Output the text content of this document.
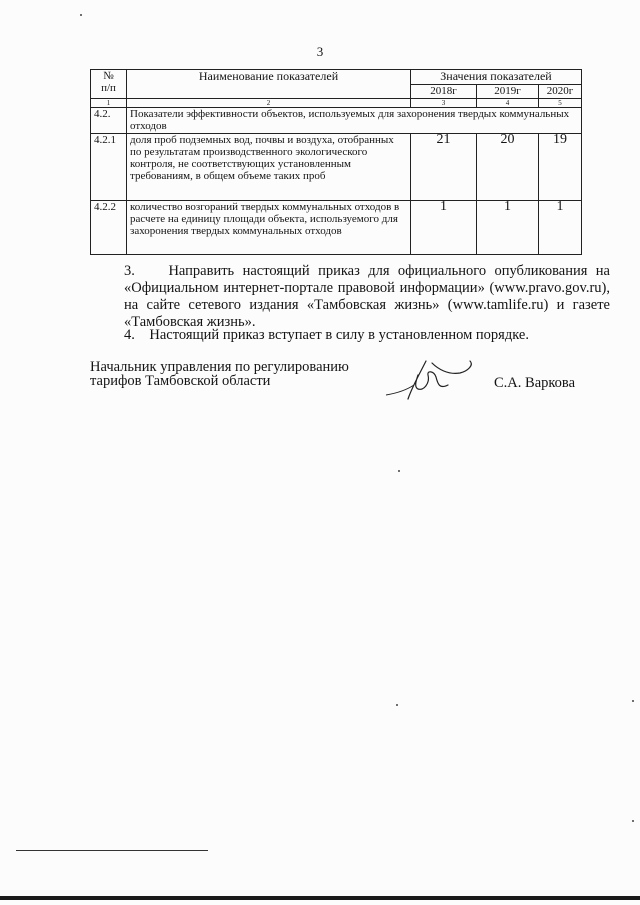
3
№
п/п	Наименование показателей	Значения показателей		
		2018г	2019г	2020г
1	2	3	4	5
4.2.	Показатели эффективности объектов, используемых для захоронения твердых коммунальных отходов			
4.2.1	доля проб подземных вод, почвы и воздуха, отобранных по результатам производственного экологического контроля, не соответствующих установленным требованиям, в общем объеме таких проб	21	20	19
4.2.2	количество возгораний твердых коммунальных отходов в расчете на единицу площади объекта, используемого для захоронения твердых коммунальных отходов	1	1	1
3.    Направить настоящий приказ для официального опубликования на «Официальном интернет-портале правовой информации» (www.pravo.gov.ru), на сайте сетевого издания «Тамбовская жизнь» (www.tamlife.ru) и газете «Тамбовская жизнь».
4.    Настоящий приказ вступает в силу в установленном порядке.
Начальник управления по регулированию тарифов Тамбовской области	С.А. Варкова
